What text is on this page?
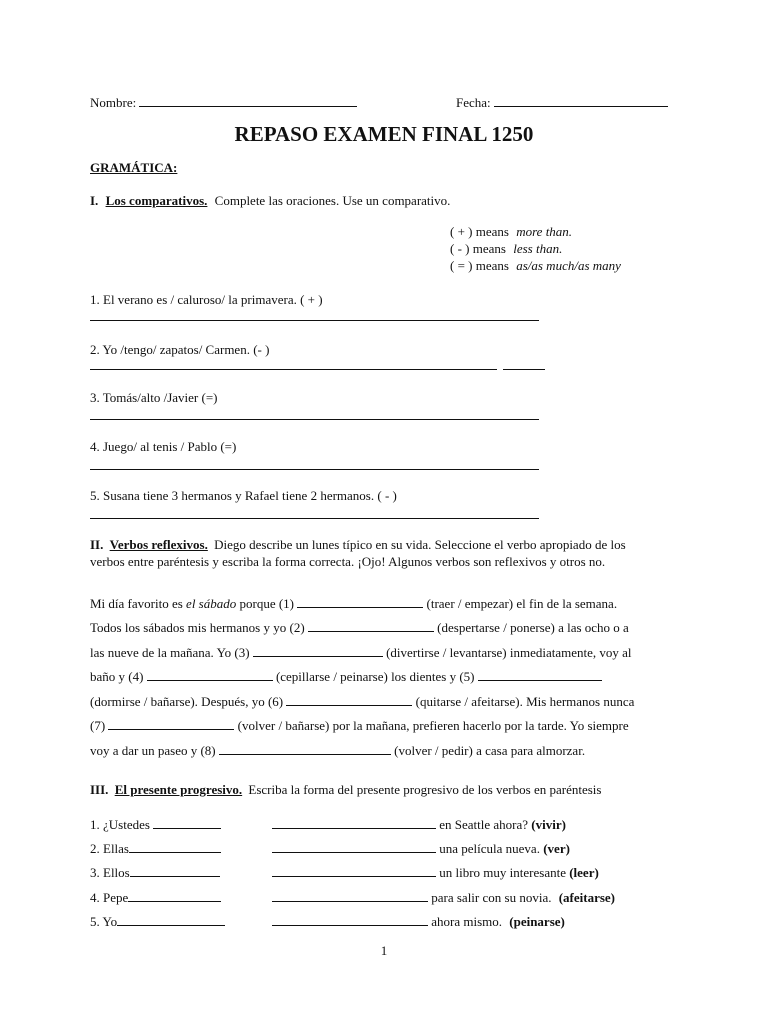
Nombre:	Fecha:
REPASO EXAMEN FINAL 1250
GRAMÁTICA:
I. Los comparativos. Complete las oraciones. Use un comparativo.
( + ) means more than.
( - ) means less than.
( = ) means as/as much/as many
1. El verano es / caluroso/ la primavera. ( + )
2. Yo /tengo/ zapatos/ Carmen. (- )
3. Tomás/alto /Javier (=)
4. Juego/ al tenis / Pablo (=)
5. Susana tiene 3 hermanos y Rafael tiene 2 hermanos. ( - )
II. Verbos reflexivos. Diego describe un lunes típico en su vida. Seleccione el verbo apropiado de los
verbos entre paréntesis y escriba la forma correcta. ¡Ojo! Algunos verbos son reflexivos y otros no.
Mi día favorito es el sábado porque (1)	(traer / empezar) el fin de la semana.
Todos los sábados mis hermanos y yo (2)	(despertarse / ponerse) a las ocho o a
las nueve de la mañana. Yo (3)	(divertirse / levantarse) inmediatamente, voy al
baño y (4)	(cepillarse / peinarse) los dientes y (5)
(dormirse / bañarse). Después, yo (6)	(quitarse / afeitarse). Mis hermanos nunca
(7)	(volver / bañarse) por la mañana, prefieren hacerlo por la tarde. Yo siempre
voy a dar un paseo y (8)	(volver / pedir) a casa para almorzar.
III. El presente progresivo. Escriba la forma del presente progresivo de los verbos en paréntesis
1. ¿Ustedes	en Seattle ahora? (vivir)
2. Ellas	una película nueva. (ver)
3. Ellos	un libro muy interesante (leer)
4. Pepe	para salir con su novia. (afeitarse)
5. Yo	ahora mismo. (peinarse)
1
